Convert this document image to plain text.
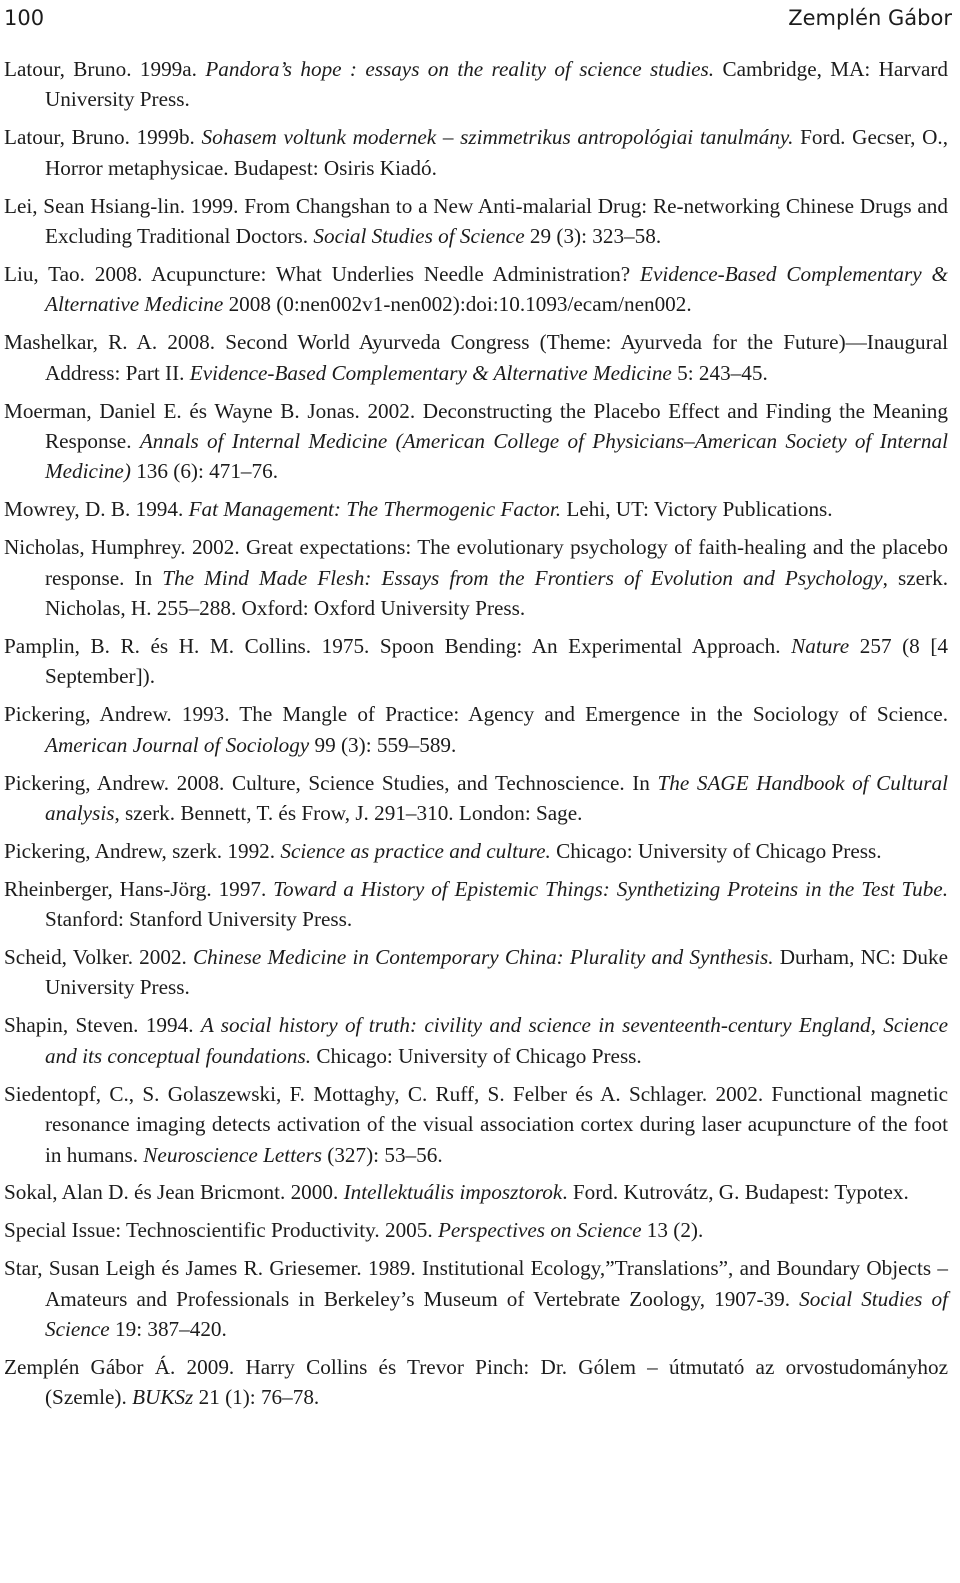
100	Zemplén Gábor

Latour, Bruno. 1999a. Pandora’s hope : essays on the reality of science studies. Cambridge, MA: Harvard University Press.

Latour, Bruno. 1999b. Sohasem voltunk modernek – szimmetrikus antropológiai tanulmány. Ford. Gecser, O., Horror metaphysicae. Budapest: Osiris Kiadó.

Lei, Sean Hsiang-lin. 1999. From Changshan to a New Anti-malarial Drug: Re-networking Chinese Drugs and Excluding Traditional Doctors. Social Studies of Science 29 (3): 323–58.

Liu, Tao. 2008. Acupuncture: What Underlies Needle Administration? Evidence-Based Complementary & Alternative Medicine 2008 (0:nen002v1-nen002):doi:10.1093/ecam/nen002.

Mashelkar, R. A. 2008. Second World Ayurveda Congress (Theme: Ayurveda for the Future)—Inaugural Address: Part II. Evidence-Based Complementary & Alternative Medicine 5: 243–45.

Moerman, Daniel E. és Wayne B. Jonas. 2002. Deconstructing the Placebo Effect and Finding the Meaning Response. Annals of Internal Medicine (American College of Physicians–American Society of Internal Medicine) 136 (6): 471–76.

Mowrey, D. B. 1994. Fat Management: The Thermogenic Factor. Lehi, UT: Victory Publications.

Nicholas, Humphrey. 2002. Great expectations: The evolutionary psychology of faith-healing and the placebo response. In The Mind Made Flesh: Essays from the Frontiers of Evolution and Psychology, szerk. Nicholas, H. 255–288. Oxford: Oxford University Press.

Pamplin, B. R. és H. M. Collins. 1975. Spoon Bending: An Experimental Approach. Nature 257 (8 [4 September]).

Pickering, Andrew. 1993. The Mangle of Practice: Agency and Emergence in the Sociology of Science. American Journal of Sociology 99 (3): 559–589.

Pickering, Andrew. 2008. Culture, Science Studies, and Technoscience. In The SAGE Handbook of Cultural analysis, szerk. Bennett, T. és Frow, J. 291–310. London: Sage.

Pickering, Andrew, szerk. 1992. Science as practice and culture. Chicago: University of Chicago Press.

Rheinberger, Hans-Jörg. 1997. Toward a History of Epistemic Things: Synthetizing Proteins in the Test Tube. Stanford: Stanford University Press.

Scheid, Volker. 2002. Chinese Medicine in Contemporary China: Plurality and Synthesis. Durham, NC: Duke University Press.

Shapin, Steven. 1994. A social history of truth: civility and science in seventeenth-century England, Science and its conceptual foundations. Chicago: University of Chicago Press.

Siedentopf, C., S. Golaszewski, F. Mottaghy, C. Ruff, S. Felber és A. Schlager. 2002. Functional magnetic resonance imaging detects activation of the visual association cortex during laser acupuncture of the foot in humans. Neuroscience Letters (327): 53–56.

Sokal, Alan D. és Jean Bricmont. 2000. Intellektuális imposztorok. Ford. Kutrovátz, G. Budapest: Typotex.

Special Issue: Technoscientific Productivity. 2005. Perspectives on Science 13 (2).

Star, Susan Leigh és James R. Griesemer. 1989. Institutional Ecology,”Translations”, and Boundary Objects – Amateurs and Professionals in Berkeley’s Museum of Vertebrate Zoology, 1907-39. Social Studies of Science 19: 387–420.

Zemplén Gábor Á. 2009. Harry Collins és Trevor Pinch: Dr. Gólem – útmutató az orvostudományhoz (Szemle). BUKSz 21 (1): 76–78.
